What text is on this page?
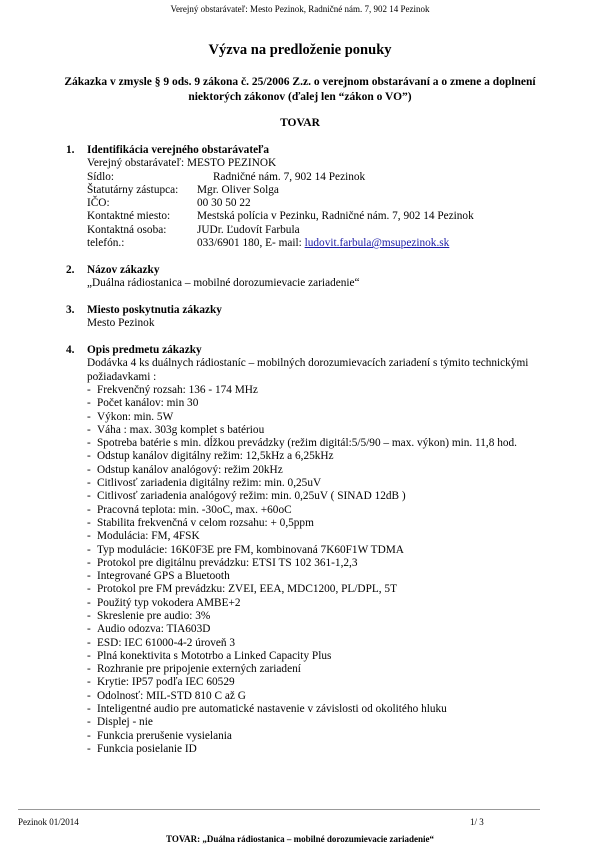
Verejný obstarávateľ: Mesto Pezinok, Radničné nám. 7, 902 14 Pezinok
Výzva na predloženie ponuky
Zákazka v zmysle § 9 ods. 9 zákona č. 25/2006 Z.z. o verejnom obstarávaní a o zmene a doplnení niektorých zákonov (ďalej len “zákon o VO”)
TOVAR
1. Identifikácia verejného obstarávateľa
Verejný obstarávateľ: MESTO PEZINOK
Sídlo:	Radničné nám. 7, 902 14 Pezinok
Štatutárny zástupca:	Mgr. Oliver Solga
IČO:	00 30 50 22
Kontaktné miesto:	Mestská polícia v Pezinku, Radničné nám. 7, 902 14 Pezinok
Kontaktná osoba:	JUDr. Ľudovít Farbula
telefón.:	033/6901 180, E- mail: ludovit.farbula@msupezinok.sk
2. Názov zákazky
„Duálna rádiostanica – mobilné dorozumievacie zariadenie“
3. Miesto poskytnutia zákazky
Mesto Pezinok
4. Opis predmetu zákazky
Dodávka 4 ks duálnych rádiostaníc – mobilných dorozumievacích zariadení s týmito technickými požiadavkami :
- Frekvenčný rozsah: 136 - 174 MHz
- Počet kanálov: min 30
- Výkon: min. 5W
- Váha : max. 303g komplet s batériou
- Spotreba batérie s min. dĺžkou prevádzky (režim digitál:5/5/90 – max. výkon) min. 11,8 hod.
- Odstup kanálov digitálny režim: 12,5kHz a 6,25kHz
- Odstup kanálov analógový: režim 20kHz
- Citlivosť zariadenia digitálny režim: min. 0,25uV
- Citlivosť zariadenia analógový režim: min. 0,25uV ( SINAD 12dB )
- Pracovná teplota: min. -30oC, max. +60oC
- Stabilita frekvenčná v celom rozsahu: + 0,5ppm
- Modulácia: FM, 4FSK
- Typ modulácie: 16K0F3E pre FM, kombinovaná 7K60F1W TDMA
- Protokol pre digitálnu prevádzku: ETSI TS 102 361-1,2,3
- Integrované GPS a Bluetooth
- Protokol pre FM prevádzku: ZVEI, EEA, MDC1200, PL/DPL, 5T
- Použitý typ vokodera AMBE+2
- Skreslenie pre audio: 3%
- Audio odozva: TIA603D
- ESD: IEC 61000-4-2 úroveň 3
- Plná konektivita s Mototrbo a Linked Capacity Plus
- Rozhranie pre pripojenie externých zariadení
- Krytie: IP57 podľa IEC 60529
- Odolnosť: MIL-STD 810 C až G
- Inteligentné audio pre automatické nastavenie v závislosti od okolitého hluku
- Displej - nie
- Funkcia prerušenie vysielania
- Funkcia posielanie ID
Pezinok 01/2014	1/ 3
TOVAR: „Duálna rádiostanica – mobilné dorozumievacie zariadenie“
